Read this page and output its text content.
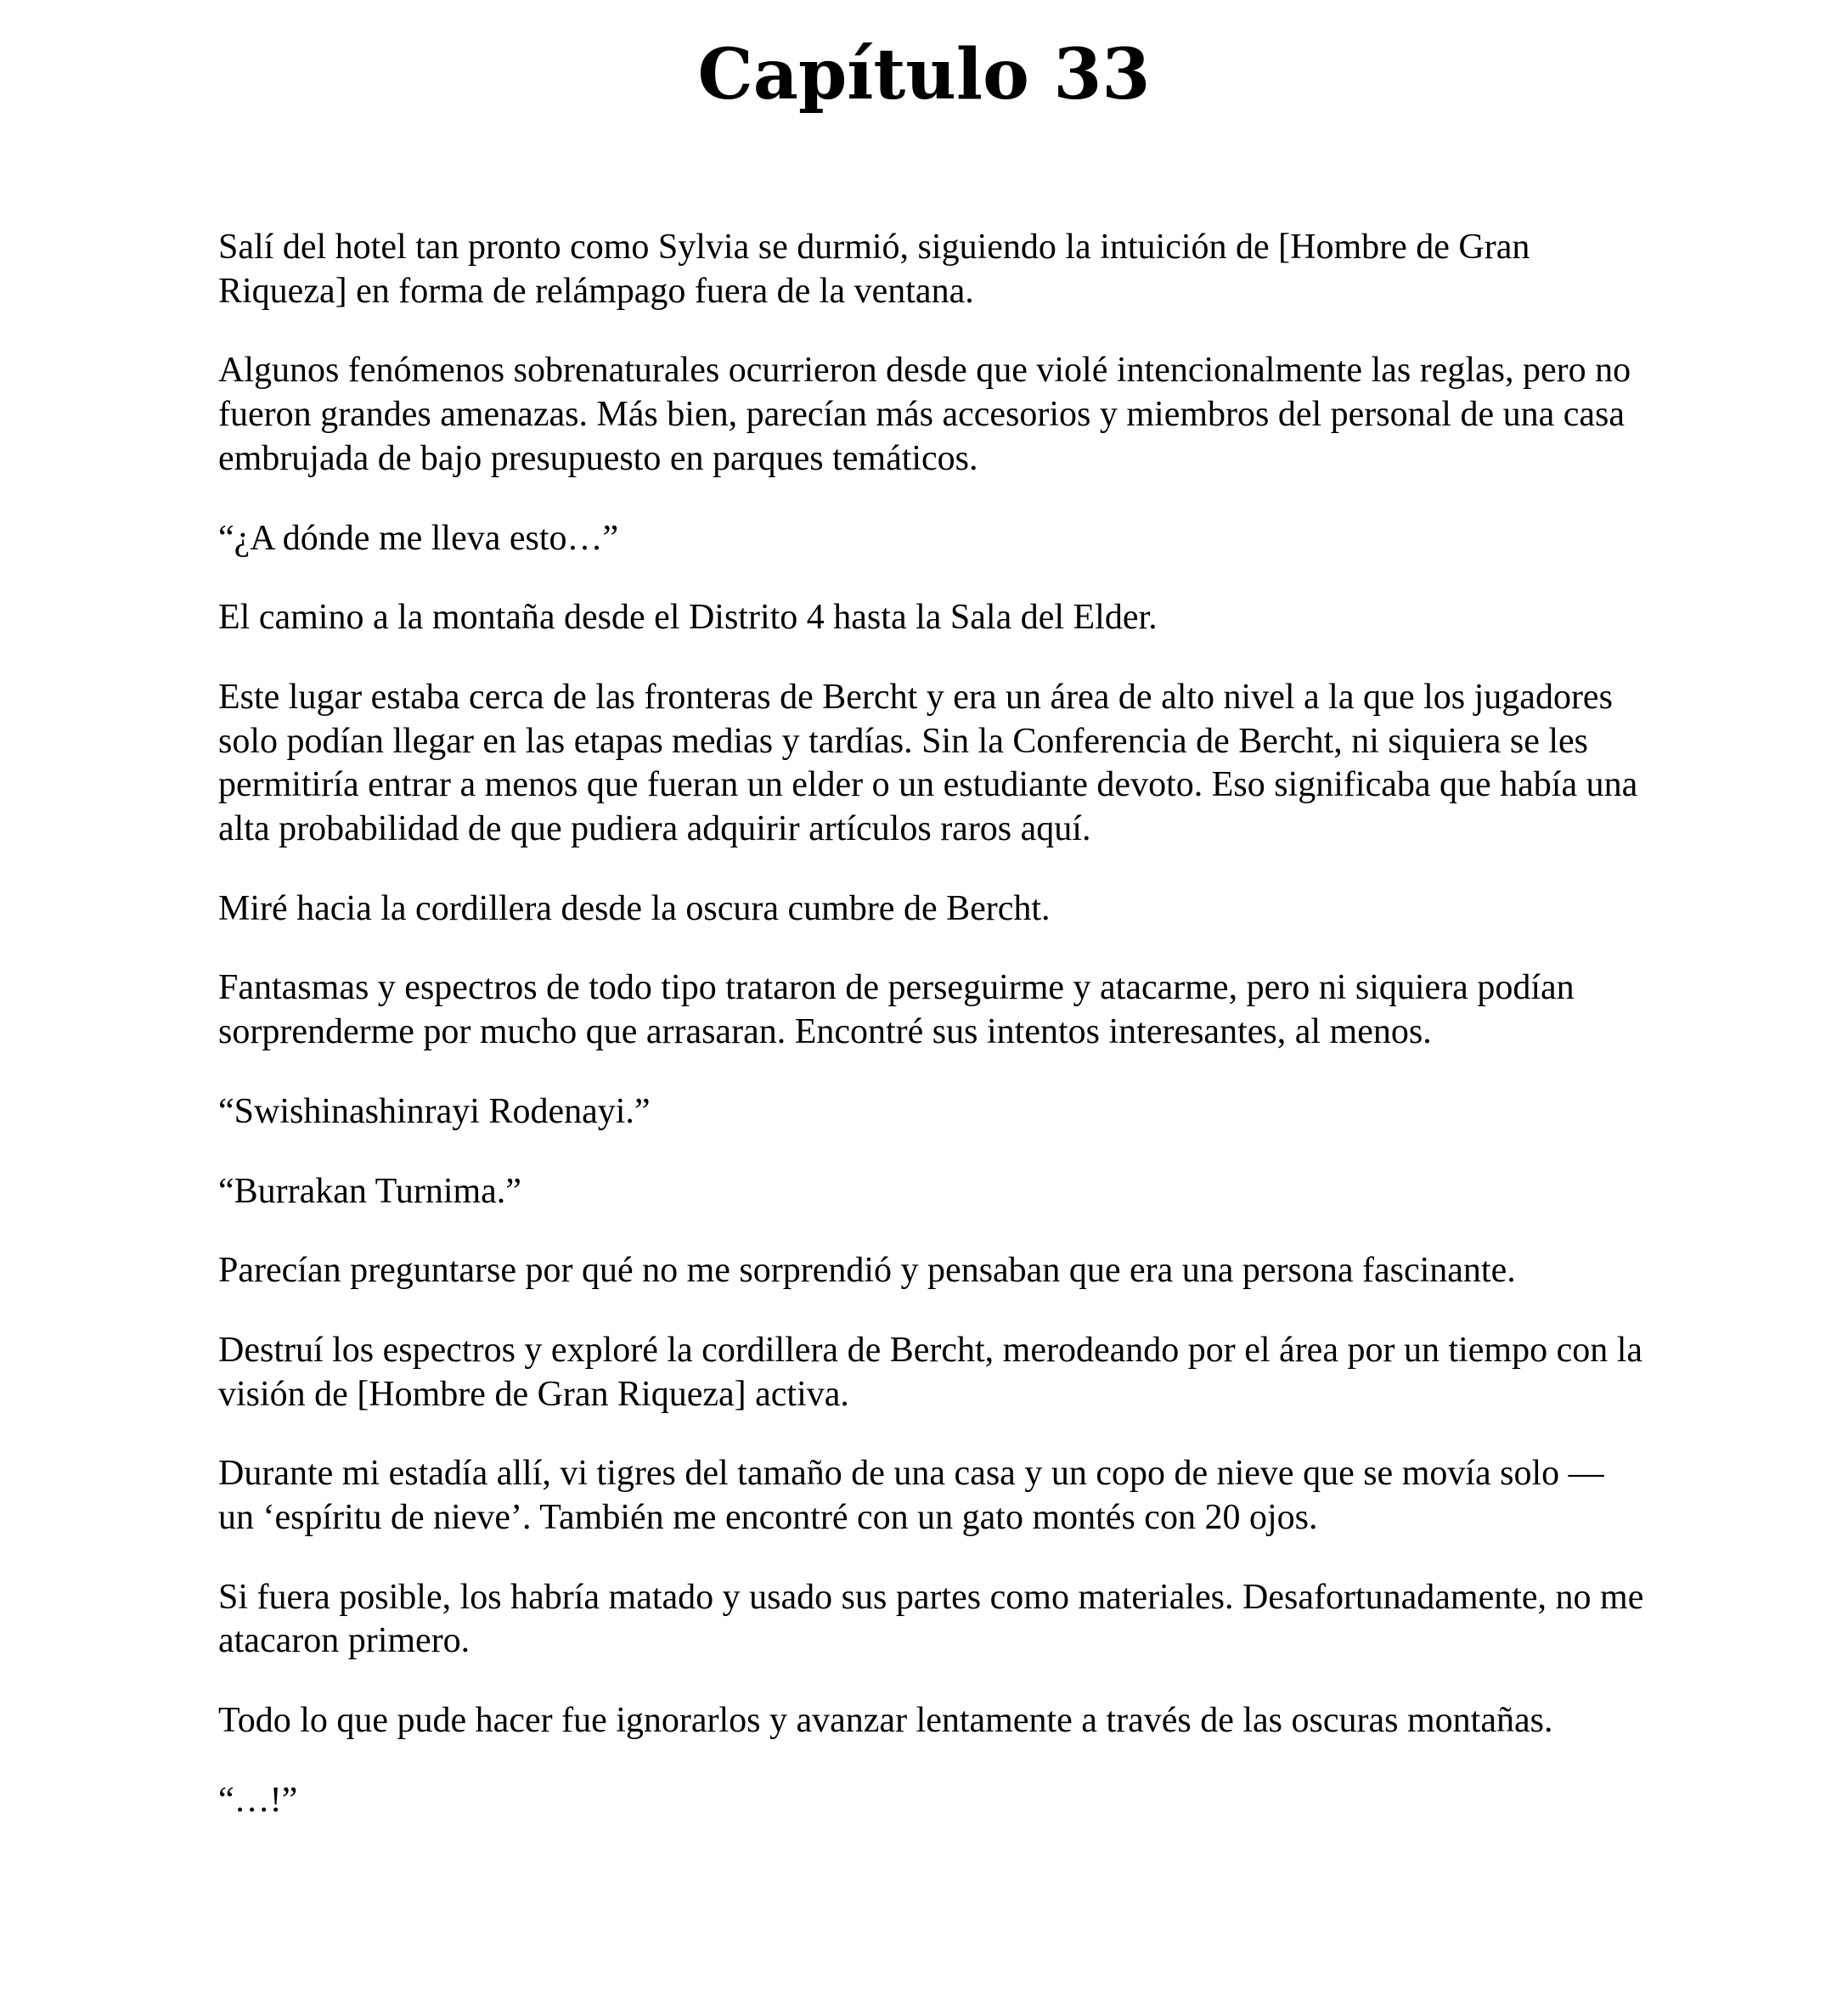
Capítulo 33

Salí del hotel tan pronto como Sylvia se durmió, siguiendo la intuición de [Hombre de Gran Riqueza] en forma de relámpago fuera de la ventana.

Algunos fenómenos sobrenaturales ocurrieron desde que violé intencionalmente las reglas, pero no fueron grandes amenazas. Más bien, parecían más accesorios y miembros del personal de una casa embrujada de bajo presupuesto en parques temáticos.

“¿A dónde me lleva esto…”

El camino a la montaña desde el Distrito 4 hasta la Sala del Elder.

Este lugar estaba cerca de las fronteras de Bercht y era un área de alto nivel a la que los jugadores solo podían llegar en las etapas medias y tardías. Sin la Conferencia de Bercht, ni siquiera se les permitiría entrar a menos que fueran un elder o un estudiante devoto. Eso significaba que había una alta probabilidad de que pudiera adquirir artículos raros aquí.

Miré hacia la cordillera desde la oscura cumbre de Bercht.

Fantasmas y espectros de todo tipo trataron de perseguirme y atacarme, pero ni siquiera podían sorprenderme por mucho que arrasaran. Encontré sus intentos interesantes, al menos.

“Swishinashinrayi Rodenayi.”

“Burrakan Turnima.”

Parecían preguntarse por qué no me sorprendió y pensaban que era una persona fascinante.

Destruí los espectros y exploré la cordillera de Bercht, merodeando por el área por un tiempo con la visión de [Hombre de Gran Riqueza] activa.

Durante mi estadía allí, vi tigres del tamaño de una casa y un copo de nieve que se movía solo — un ‘espíritu de nieve’. También me encontré con un gato montés con 20 ojos.

Si fuera posible, los habría matado y usado sus partes como materiales. Desafortunadamente, no me atacaron primero.

Todo lo que pude hacer fue ignorarlos y avanzar lentamente a través de las oscuras montañas.

“…!”
